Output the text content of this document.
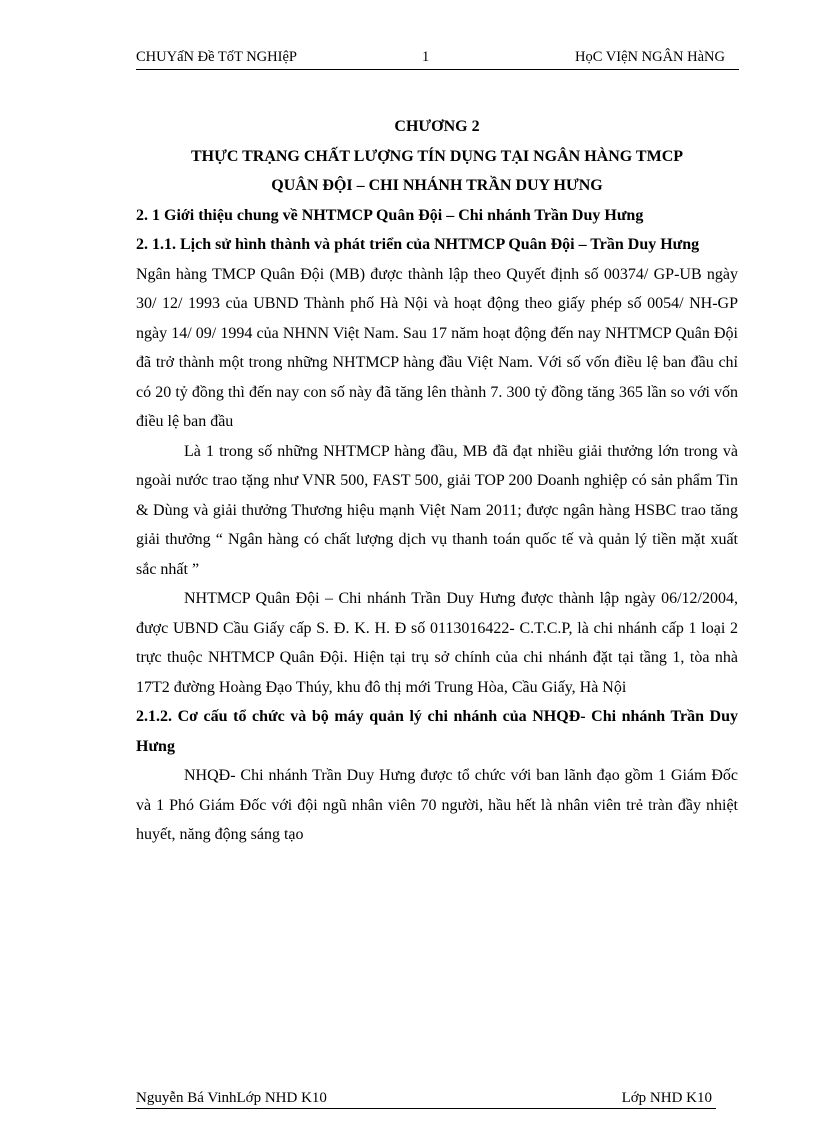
CHUYấN Đề TốT NGHIệP	1	HọC VIệN NGÂN HàNG

CHƯƠNG 2

THỰC TRẠNG CHẤT LƯỢNG TÍN DỤNG TẠI NGÂN HÀNG TMCP

QUÂN ĐỘI – CHI NHÁNH TRẦN DUY HƯNG

2. 1 Giới thiệu chung về NHTMCP Quân Đội – Chi nhánh Trần Duy Hưng

2. 1.1. Lịch sử hình thành và phát triển của NHTMCP Quân Đội – Trần Duy Hưng

Ngân hàng TMCP Quân Đội (MB) được thành lập theo Quyết định số 00374/ GP-UB ngày 30/ 12/ 1993 của UBND Thành phố Hà Nội và hoạt động theo giấy phép số 0054/ NH-GP ngày 14/ 09/ 1994 của NHNN Việt Nam. Sau 17 năm hoạt động đến nay NHTMCP Quân Đội đã trở thành một trong những NHTMCP hàng đầu Việt Nam. Với số vốn điều lệ ban đầu chỉ có 20 tỷ đồng thì đến nay con số này đã tăng lên thành 7. 300 tỷ đồng tăng 365 lần so với vốn điều lệ ban đầu

Là 1 trong số những NHTMCP hàng đầu, MB đã đạt nhiều giải thưởng lớn trong và ngoài nước trao tặng như VNR 500, FAST 500, giải TOP 200 Doanh nghiệp có sản phẩm Tin & Dùng và giải thưởng Thương hiệu mạnh Việt Nam 2011; được ngân hàng HSBC trao tăng giải thưởng “ Ngân hàng có chất lượng dịch vụ thanh toán quốc tế và quản lý tiền mặt xuất sắc nhất ”

NHTMCP Quân Đội – Chi nhánh Trần Duy Hưng được thành lập ngày 06/12/2004, được UBND Cầu Giấy cấp S. Đ. K. H. Đ số 0113016422- C.T.C.P, là chi nhánh cấp 1 loại 2 trực thuộc NHTMCP Quân Đội. Hiện tại trụ sở chính của chi nhánh đặt tại tầng 1, tòa nhà 17T2 đường Hoàng Đạo Thúy, khu đô thị mới Trung Hòa, Cầu Giấy, Hà Nội

2.1.2. Cơ cấu tổ chức và bộ máy quản lý chi nhánh của NHQĐ- Chi nhánh Trần Duy Hưng

NHQĐ- Chi nhánh Trần Duy Hưng được tổ chức với ban lãnh đạo gồm 1 Giám Đốc và 1 Phó Giám Đốc với đội ngũ nhân viên 70 người, hầu hết là nhân viên trẻ tràn đầy nhiệt huyết, năng động sáng tạo

Nguyễn Bá VinhLớp NHD K10	Lớp NHD K10
